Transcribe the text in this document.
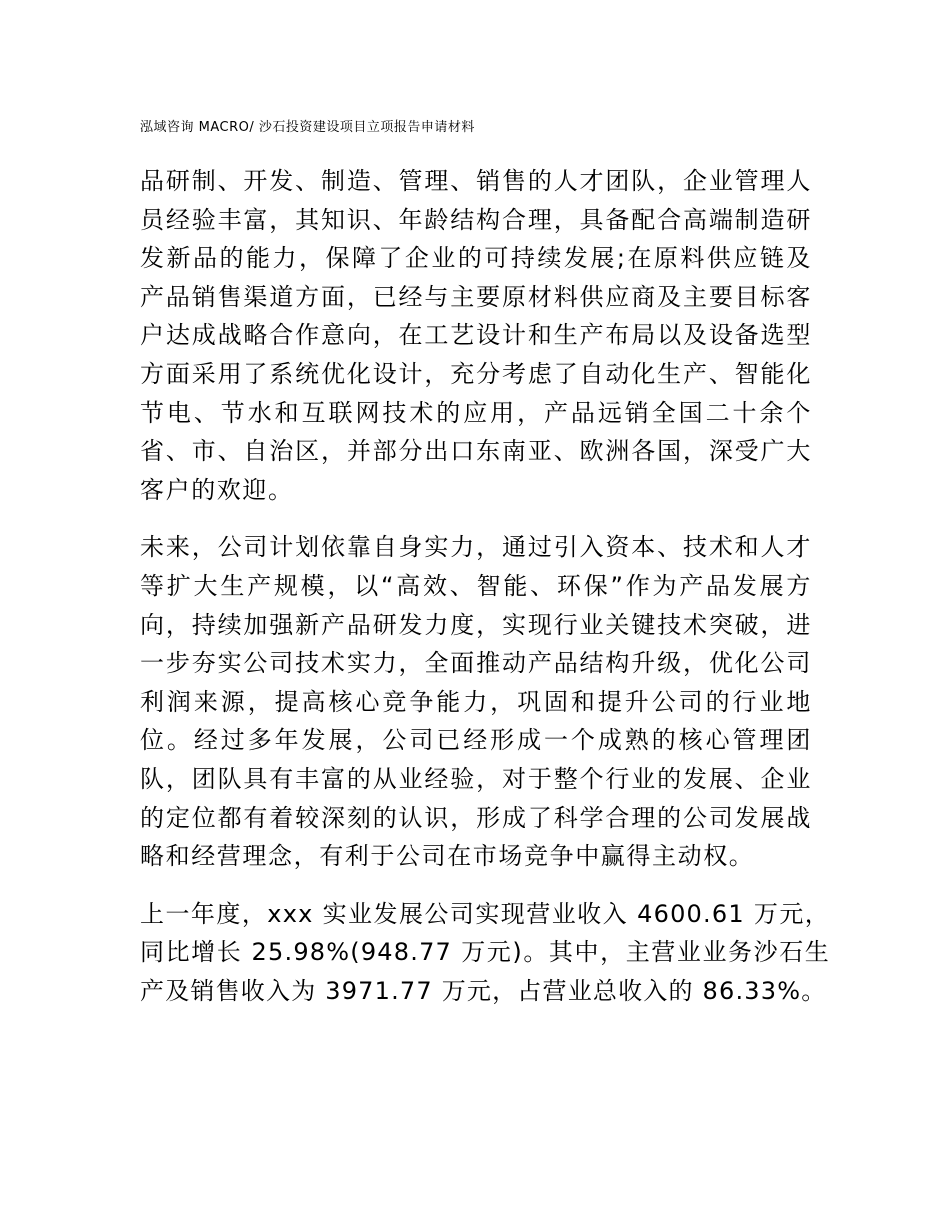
泓域咨询 MACRO/ 沙石投资建设项目立项报告申请材料

品研制、开发、制造、管理、销售的人才团队，企业管理人员经验丰富，其知识、年龄结构合理，具备配合高端制造研发新品的能力，保障了企业的可持续发展;在原料供应链及产品销售渠道方面，已经与主要原材料供应商及主要目标客户达成战略合作意向，在工艺设计和生产布局以及设备选型方面采用了系统优化设计，充分考虑了自动化生产、智能化节电、节水和互联网技术的应用，产品远销全国二十余个省、市、自治区，并部分出口东南亚、欧洲各国，深受广大客户的欢迎。

未来，公司计划依靠自身实力，通过引入资本、技术和人才等扩大生产规模，以“高效、智能、环保”作为产品发展方向，持续加强新产品研发力度，实现行业关键技术突破，进一步夯实公司技术实力，全面推动产品结构升级，优化公司利润来源，提高核心竞争能力，巩固和提升公司的行业地位。经过多年发展，公司已经形成一个成熟的核心管理团队，团队具有丰富的从业经验，对于整个行业的发展、企业的定位都有着较深刻的认识，形成了科学合理的公司发展战略和经营理念，有利于公司在市场竞争中赢得主动权。

上一年度，xxx 实业发展公司实现营业收入 4600.61 万元，同比增长 25.98%(948.77 万元)。其中，主营业业务沙石生产及销售收入为 3971.77 万元，占营业总收入的 86.33%。
